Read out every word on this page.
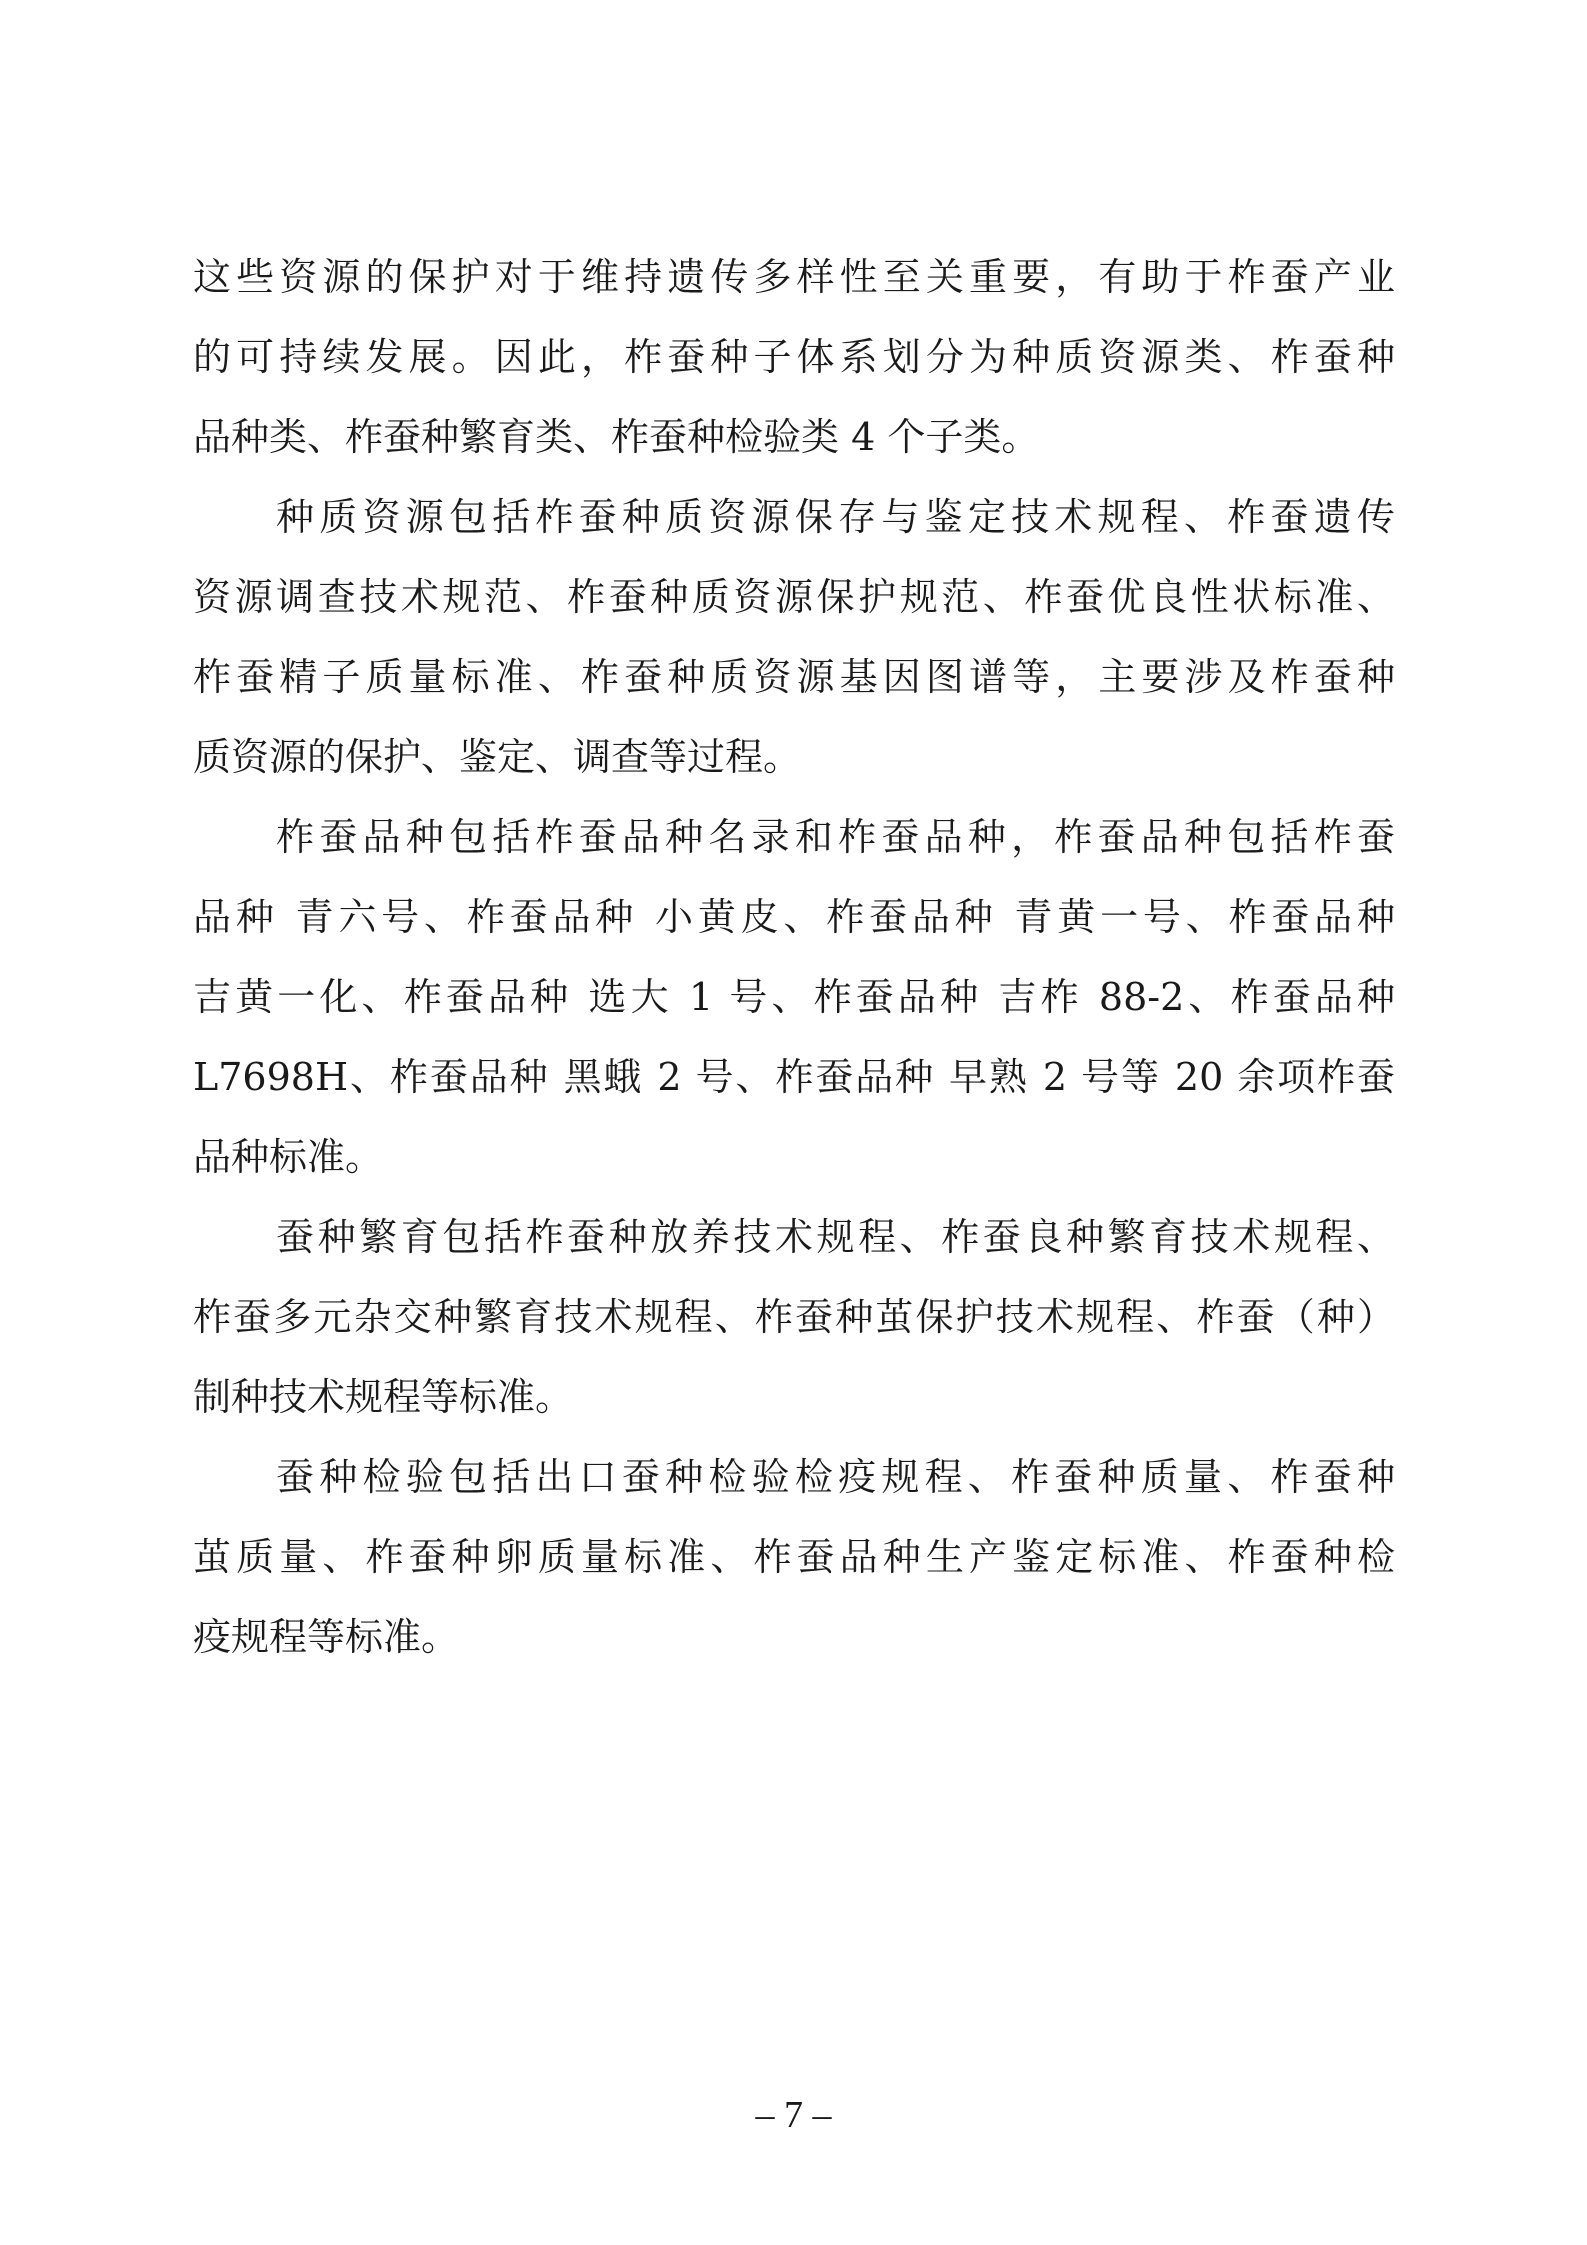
这些资源的保护对于维持遗传多样性至关重要，有助于柞蚕产业
的可持续发展。因此，柞蚕种子体系划分为种质资源类、柞蚕种
品种类、柞蚕种繁育类、柞蚕种检验类 4 个子类。
种质资源包括柞蚕种质资源保存与鉴定技术规程、柞蚕遗传
资源调查技术规范、柞蚕种质资源保护规范、柞蚕优良性状标准、
柞蚕精子质量标准、柞蚕种质资源基因图谱等，主要涉及柞蚕种
质资源的保护、鉴定、调查等过程。
柞蚕品种包括柞蚕品种名录和柞蚕品种，柞蚕品种包括柞蚕
品种 青六号、柞蚕品种 小黄皮、柞蚕品种 青黄一号、柞蚕品种
吉黄一化、柞蚕品种 选大 1 号、柞蚕品种 吉柞 88-2、柞蚕品种
L7698H、柞蚕品种 黑蛾 2 号、柞蚕品种 早熟 2 号等 20 余项柞蚕
品种标准。
蚕种繁育包括柞蚕种放养技术规程、柞蚕良种繁育技术规程、
柞蚕多元杂交种繁育技术规程、柞蚕种茧保护技术规程、柞蚕（种）
制种技术规程等标准。
蚕种检验包括出口蚕种检验检疫规程、柞蚕种质量、柞蚕种
茧质量、柞蚕种卵质量标准、柞蚕品种生产鉴定标准、柞蚕种检
疫规程等标准。
– 7 –
